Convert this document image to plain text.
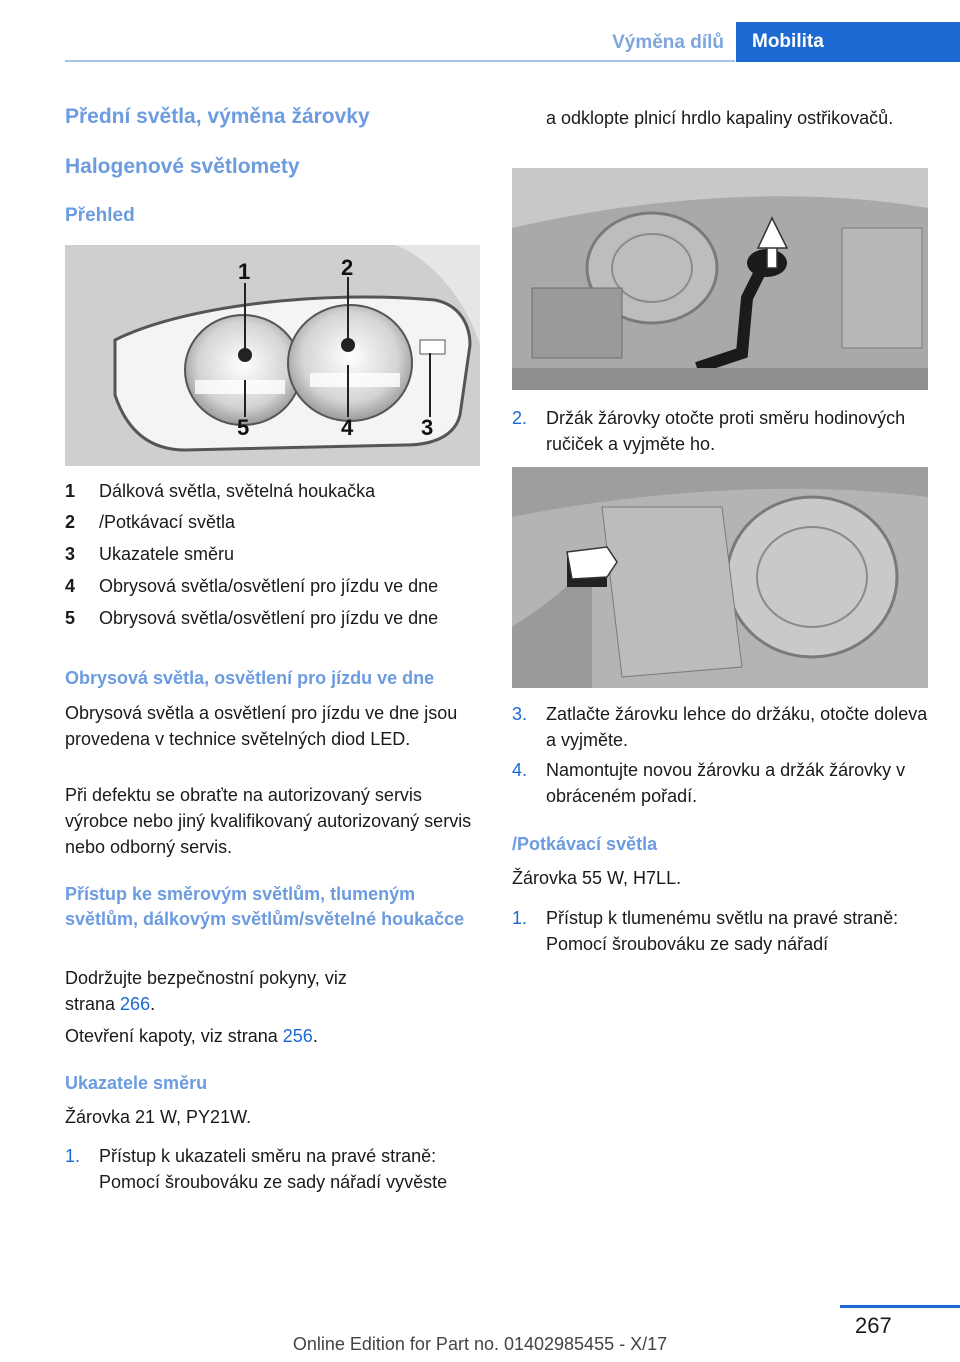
Výměna dílů	Mobilita
Přední světla, výměna žárovky
Halogenové světlomety
Přehled
1	2
3
4
5
1 Dálková světla, světelná houkačka
2 /Potkávací světla
3 Ukazatele směru
4 Obrysová světla/osvětlení pro jízdu ve dne
5 Obrysová světla/osvětlení pro jízdu ve dne
Obrysová světla, osvětlení pro jízdu ve dne
Obrysová světla a osvětlení pro jízdu ve dne jsou provedena v technice světelných diod LED.
Při defektu se obraťte na autorizovaný servis výrobce nebo jiný kvalifikovaný autorizovaný servis nebo odborný servis.
Přístup ke směrovým světlům, tlumeným světlům, dálkovým světlům/světelné houkačce
Dodržujte bezpečnostní pokyny, viz
strana 266.
Otevření kapoty, viz strana 256.
Ukazatele směru
Žárovka 21 W, PY21W.
1. Přístup k ukazateli směru na pravé straně: Pomocí šroubováku ze sady nářadí vyvěste
a odklopte plnicí hrdlo kapaliny ostřikovačů.
2. Držák žárovky otočte proti směru hodinových ručiček a vyjměte ho.
3. Zatlačte žárovku lehce do držáku, otočte doleva a vyjměte.
4. Namontujte novou žárovku a držák žárovky v obráceném pořadí.
/Potkávací světla
Žárovka 55 W, H7LL.
1. Přístup k tlumenému světlu na pravé straně: Pomocí šroubováku ze sady nářadí
267
Online Edition for Part no. 01402985455 - X/17
